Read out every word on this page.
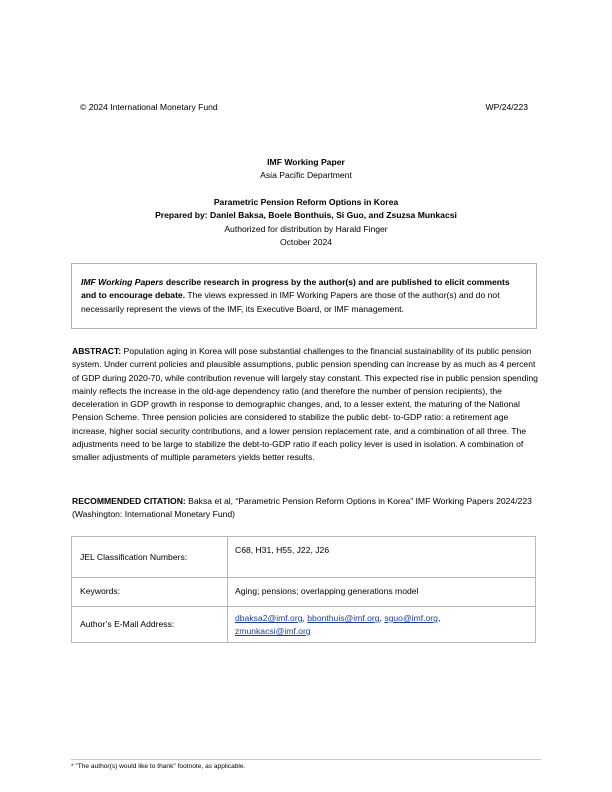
© 2024 International Monetary Fund	WP/24/223
IMF Working Paper
Asia Pacific Department
Parametric Pension Reform Options in Korea
Prepared by: Daniel Baksa, Boele Bonthuis, Si Guo, and Zsuzsa Munkacsi
Authorized for distribution by Harald Finger
October 2024
IMF Working Papers describe research in progress by the author(s) and are published to elicit comments and to encourage debate. The views expressed in IMF Working Papers are those of the author(s) and do not necessarily represent the views of the IMF, its Executive Board, or IMF management.
ABSTRACT: Population aging in Korea will pose substantial challenges to the financial sustainability of its public pension system. Under current policies and plausible assumptions, public pension spending can increase by as much as 4 percent of GDP during 2020-70, while contribution revenue will largely stay constant. This expected rise in public pension spending mainly reflects the increase in the old-age dependency ratio (and therefore the number of pension recipients), the deceleration in GDP growth in response to demographic changes, and, to a lesser extent, the maturing of the National Pension Scheme. Three pension policies are considered to stabilize the public debt- to-GDP ratio: a retirement age increase, higher social security contributions, and a lower pension replacement rate, and a combination of all three. The adjustments need to be large to stabilize the debt-to-GDP ratio if each policy lever is used in isolation. A combination of smaller adjustments of multiple parameters yields better results.
RECOMMENDED CITATION: Baksa et al, “Parametric Pension Reform Options in Korea” IMF Working Papers 2024/223 (Washington: International Monetary Fund)
JEL Classification Numbers:	C68, H31, H55, J22, J26

Keywords:	Aging; pensions; overlapping generations model

Author’s E-Mail Address:	dbaksa2@imf.org, bbonthuis@imf.org, sguo@imf.org, zmunkacsi@imf.org
* "The author(s) would like to thank" footnote, as applicable.
